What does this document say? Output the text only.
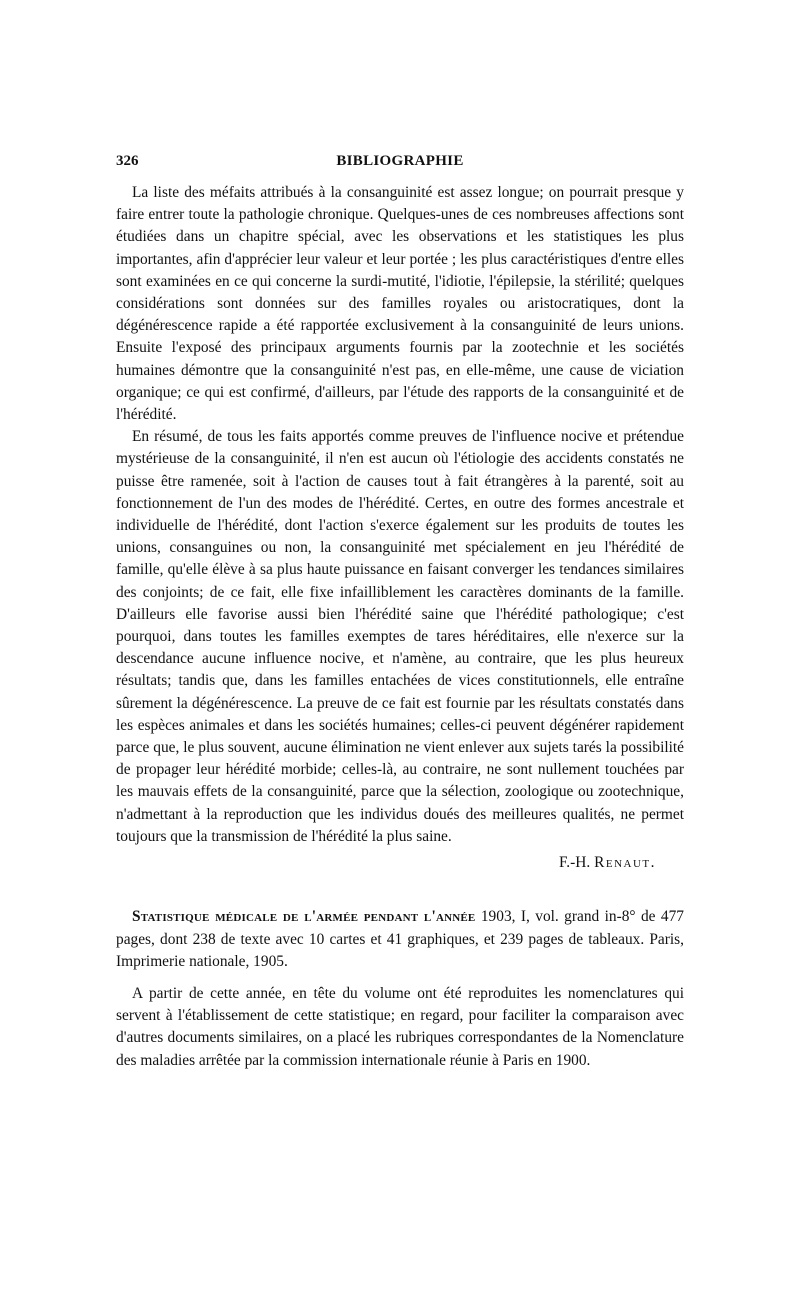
326	BIBLIOGRAPHIE

La liste des méfaits attribués à la consanguinité est assez longue; on pourrait presque y faire entrer toute la pathologie chronique. Quelques-unes de ces nombreuses affections sont étudiées dans un chapitre spécial, avec les observations et les statistiques les plus importantes, afin d'apprécier leur valeur et leur portée ; les plus caractéristiques d'entre elles sont examinées en ce qui concerne la surdi-mutité, l'idiotie, l'épilepsie, la stérilité; quelques considérations sont données sur des familles royales ou aristocratiques, dont la dégénérescence rapide a été rapportée exclusivement à la consanguinité de leurs unions. Ensuite l'exposé des principaux arguments fournis par la zootechnie et les sociétés humaines démontre que la consanguinité n'est pas, en elle-même, une cause de viciation organique; ce qui est confirmé, d'ailleurs, par l'étude des rapports de la consanguinité et de l'hérédité.

En résumé, de tous les faits apportés comme preuves de l'influence nocive et prétendue mystérieuse de la consanguinité, il n'en est aucun où l'étiologie des accidents constatés ne puisse être ramenée, soit à l'action de causes tout à fait étrangères à la parenté, soit au fonctionnement de l'un des modes de l'hérédité. Certes, en outre des formes ancestrale et individuelle de l'hérédité, dont l'action s'exerce également sur les produits de toutes les unions, consanguines ou non, la consanguinité met spécialement en jeu l'hérédité de famille, qu'elle élève à sa plus haute puissance en faisant converger les tendances similaires des conjoints; de ce fait, elle fixe infailliblement les caractères dominants de la famille. D'ailleurs elle favorise aussi bien l'hérédité saine que l'hérédité pathologique; c'est pourquoi, dans toutes les familles exemptes de tares héréditaires, elle n'exerce sur la descendance aucune influence nocive, et n'amène, au contraire, que les plus heureux résultats; tandis que, dans les familles entachées de vices constitutionnels, elle entraîne sûrement la dégénérescence. La preuve de ce fait est fournie par les résultats constatés dans les espèces animales et dans les sociétés humaines; celles-ci peuvent dégénérer rapidement parce que, le plus souvent, aucune élimination ne vient enlever aux sujets tarés la possibilité de propager leur hérédité morbide; celles-là, au contraire, ne sont nullement touchées par les mauvais effets de la consanguinité, parce que la sélection, zoologique ou zootechnique, n'admettant à la reproduction que les individus doués des meilleures qualités, ne permet toujours que la transmission de l'hérédité la plus saine.

F.-H. Renaut.

Statistique médicale de l'armée pendant l'année 1903, I, vol. grand in-8° de 477 pages, dont 238 de texte avec 10 cartes et 41 graphiques, et 239 pages de tableaux. Paris, Imprimerie nationale, 1905.

A partir de cette année, en tête du volume ont été reproduites les nomenclatures qui servent à l'établissement de cette statistique; en regard, pour faciliter la comparaison avec d'autres documents similaires, on a placé les rubriques correspondantes de la Nomenclature des maladies arrêtée par la commission internationale réunie à Paris en 1900.
